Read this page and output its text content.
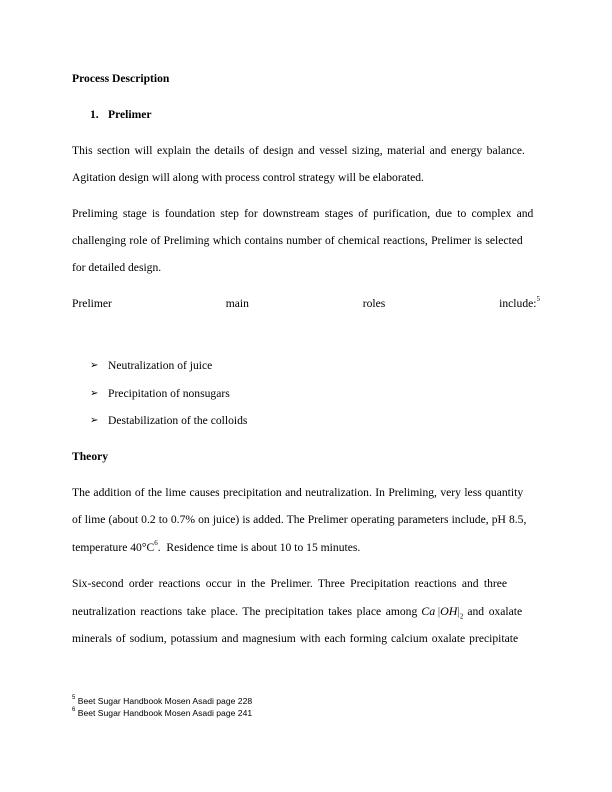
Process Description
1. Prelimer
This section will explain the details of design and vessel sizing, material and energy balance.
Agitation design will along with process control strategy will be elaborated.
Preliming stage is foundation step for downstream stages of purification, due to complex and
challenging role of Preliming which contains number of chemical reactions, Prelimer is selected
for detailed design.
Prelimer	main	roles	include:$^5$
➢ Neutralization of juice
➢ Precipitation of nonsugars
➢ Destabilization of the colloids
Theory
The addition of the lime causes precipitation and neutralization. In Preliming, very less quantity
of lime (about 0.2 to 0.7% on juice) is added. The Prelimer operating parameters include, pH 8.5,
temperature $40^\circ C^6$.  Residence time is about 10 to 15 minutes.
Six-second order reactions occur in the Prelimer. Three Precipitation reactions and three
neutralization reactions take place. The precipitation takes place among Ca $|OH|_2$ and oxalate
minerals of sodium, potassium and magnesium with each forming calcium oxalate precipitate
$^5$ Beet Sugar Handbook Mosen Asadi page 228
$^6$ Beet Sugar Handbook Mosen Asadi page 241
